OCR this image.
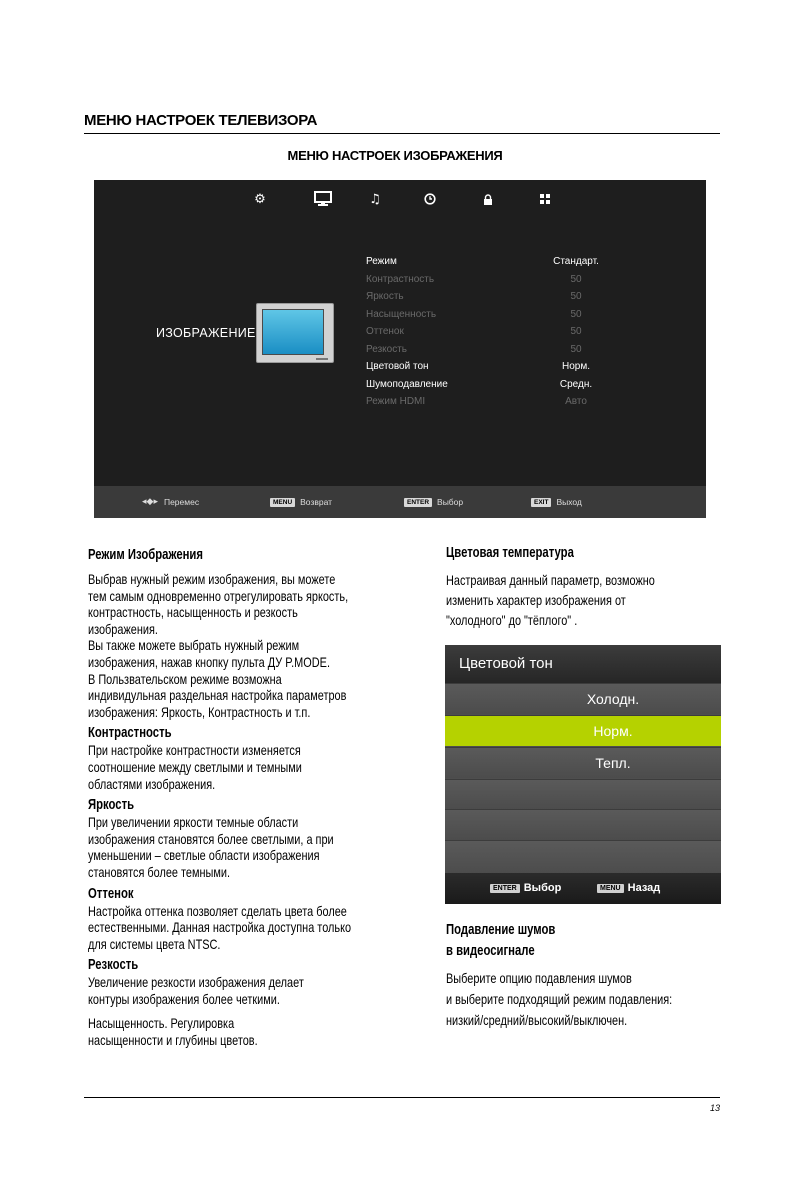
МЕНЮ НАСТРОЕК ТЕЛЕВИЗОРА
МЕНЮ НАСТРОЕК ИЗОБРАЖЕНИЯ
⚙	♫
ИЗОБРАЖЕНИЕ
Режим	Стандарт.
Контрастность	50
Яркость	50
Насыщенность	50
Оттенок	50
Резкость	50
Цветовой тон	Норм.
Шумоподавление	Средн.
Режим HDMI	Авто
◂◆▸ Перемес	MENU Возврат	ENTER Выбор	EXIT Выход
Режим Изображения
Выбрав нужный режим изображения, вы можете
тем самым одновременно отрегулировать яркость,
контрастность, насыщенность и резкость
изображения.
Вы также можете выбрать нужный режим
изображения, нажав кнопку пульта ДУ P.MODE.
В Пользвательском режиме возможна
индивидульная раздельная настройка параметров
изображения: Яркость, Контрастность и т.п.
Контрастность
При настройке контрастности изменяется
соотношение между светлыми и темными
областями изображения.
Яркость
При увеличении яркости темные области
изображения становятся более светлыми, а при
уменьшении – светлые области изображения
становятся более темными.
Оттенок
Настройка оттенка позволяет сделать цвета более
естественными. Данная настройка доступна только
для системы цвета NTSC.
Резкость
Увеличение резкости изображения делает
контуры изображения более четкими.
Насыщенность. Регулировка
насыщенности и глубины цветов.
Цветовая температура
Настраивая данный параметр, возможно
изменить характер изображения от
"холодного" до "тёплого" .
Цветовой тон
Холодн.
Норм.
Тепл.
ENTER Выбор	MENU Назад
Подавление шумов
в видеосигнале
Выберите опцию подавления шумов
и выберите подходящий режим подавления:
низкий/средний/высокий/выключен.
13
